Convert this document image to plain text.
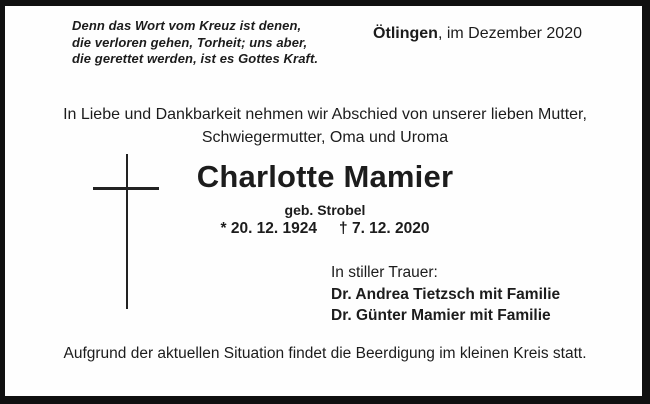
Denn das Wort vom Kreuz ist denen,
die verloren gehen, Torheit; uns aber,
die gerettet werden, ist es Gottes Kraft.
Ötlingen, im Dezember 2020
In Liebe und Dankbarkeit nehmen wir Abschied von unserer lieben Mutter,
Schwiegermutter, Oma und Uroma
Charlotte Mamier
geb. Strobel
* 20. 12. 1924 † 7. 12. 2020
In stiller Trauer:
Dr. Andrea Tietzsch mit Familie
Dr. Günter Mamier mit Familie
Aufgrund der aktuellen Situation findet die Beerdigung im kleinen Kreis statt.
